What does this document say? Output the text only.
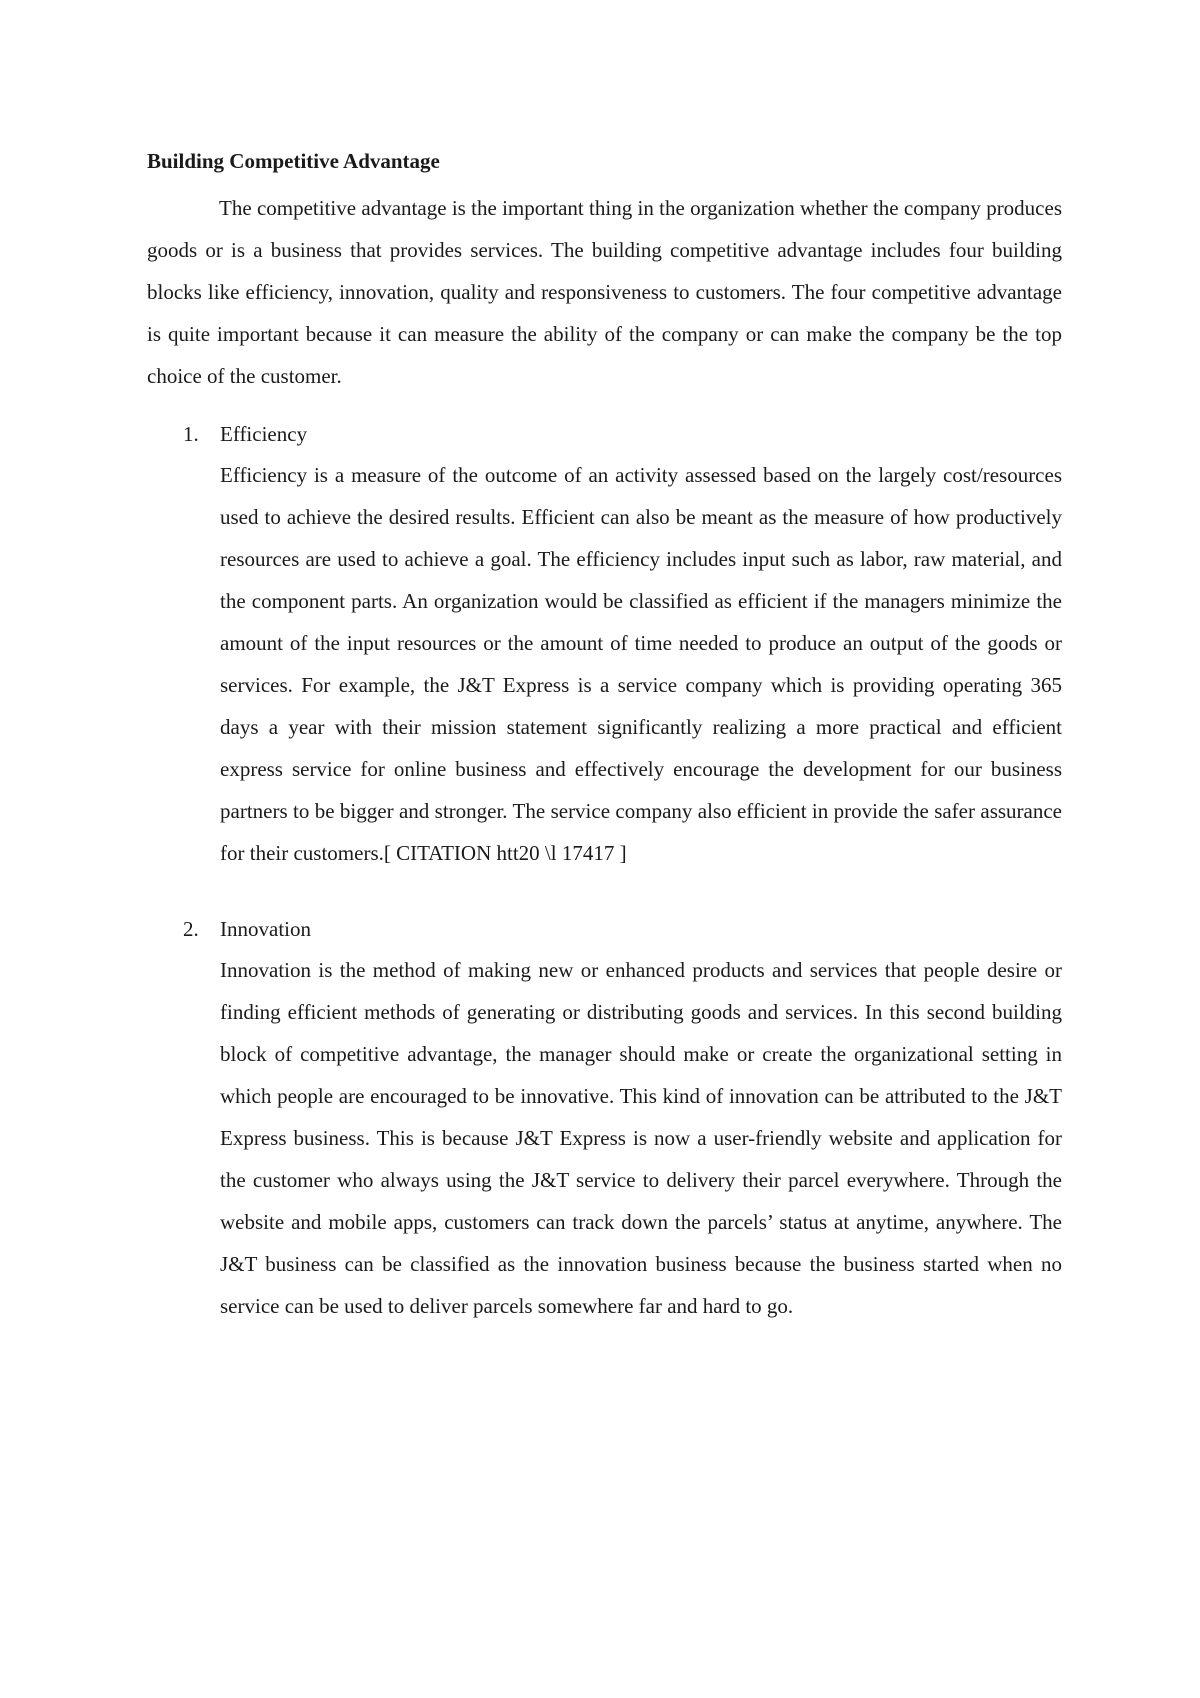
Building Competitive Advantage

The competitive advantage is the important thing in the organization whether the company produces goods or is a business that provides services. The building competitive advantage includes four building blocks like efficiency, innovation, quality and responsiveness to customers. The four competitive advantage is quite important because it can measure the ability of the company or can make the company be the top choice of the customer.

1. Efficiency

Efficiency is a measure of the outcome of an activity assessed based on the largely cost/resources used to achieve the desired results. Efficient can also be meant as the measure of how productively resources are used to achieve a goal. The efficiency includes input such as labor, raw material, and the component parts. An organization would be classified as efficient if the managers minimize the amount of the input resources or the amount of time needed to produce an output of the goods or services. For example, the J&T Express is a service company which is providing operating 365 days a year with their mission statement significantly realizing a more practical and efficient express service for online business and effectively encourage the development for our business partners to be bigger and stronger. The service company also efficient in provide the safer assurance for their customers.[ CITATION htt20 \l 17417 ]

2. Innovation

Innovation is the method of making new or enhanced products and services that people desire or finding efficient methods of generating or distributing goods and services. In this second building block of competitive advantage, the manager should make or create the organizational setting in which people are encouraged to be innovative. This kind of innovation can be attributed to the J&T Express business. This is because J&T Express is now a user-friendly website and application for the customer who always using the J&T service to delivery their parcel everywhere. Through the website and mobile apps, customers can track down the parcels’ status at anytime, anywhere. The J&T business can be classified as the innovation business because the business started when no service can be used to deliver parcels somewhere far and hard to go.
